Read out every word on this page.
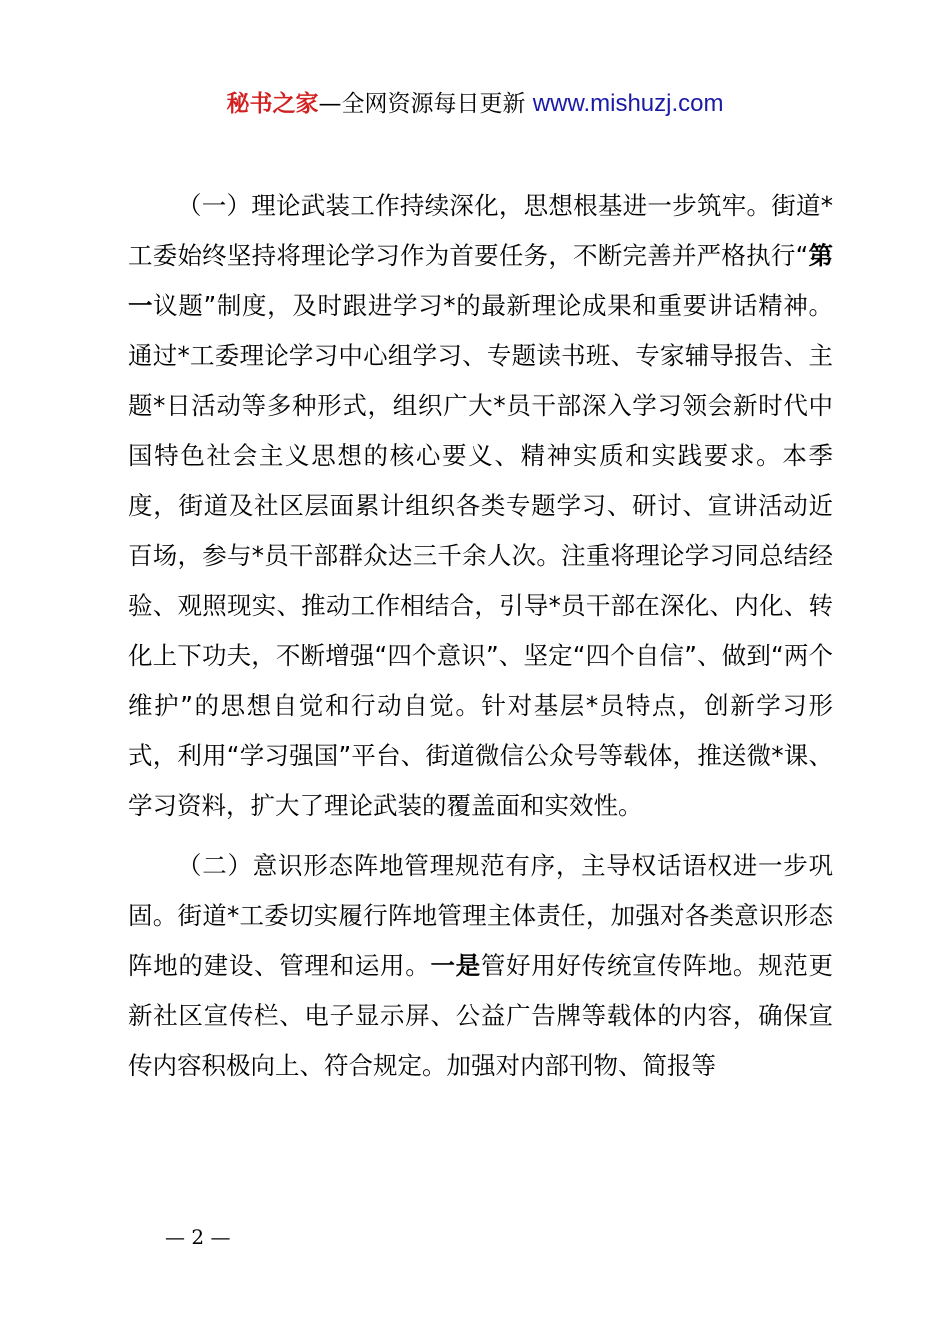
秘书之家—全网资源每日更新 www.mishuzj.com

（一）理论武装工作持续深化，思想根基进一步筑牢。街道*工委始终坚持将理论学习作为首要任务，不断完善并严格执行“第一议题”制度，及时跟进学习*的最新理论成果和重要讲话精神。通过*工委理论学习中心组学习、专题读书班、专家辅导报告、主题*日活动等多种形式，组织广大*员干部深入学习领会新时代中国特色社会主义思想的核心要义、精神实质和实践要求。本季度，街道及社区层面累计组织各类专题学习、研讨、宣讲活动近百场，参与*员干部群众达三千余人次。注重将理论学习同总结经验、观照现实、推动工作相结合，引导*员干部在深化、内化、转化上下功夫，不断增强“四个意识”、坚定“四个自信”、做到“两个维护”的思想自觉和行动自觉。针对基层*员特点，创新学习形式，利用“学习强国”平台、街道微信公众号等载体，推送微*课、学习资料，扩大了理论武装的覆盖面和实效性。

（二）意识形态阵地管理规范有序，主导权话语权进一步巩固。街道*工委切实履行阵地管理主体责任，加强对各类意识形态阵地的建设、管理和运用。一是管好用好传统宣传阵地。规范更新社区宣传栏、电子显示屏、公益广告牌等载体的内容，确保宣传内容积极向上、符合规定。加强对内部刊物、简报等

— 2 —
